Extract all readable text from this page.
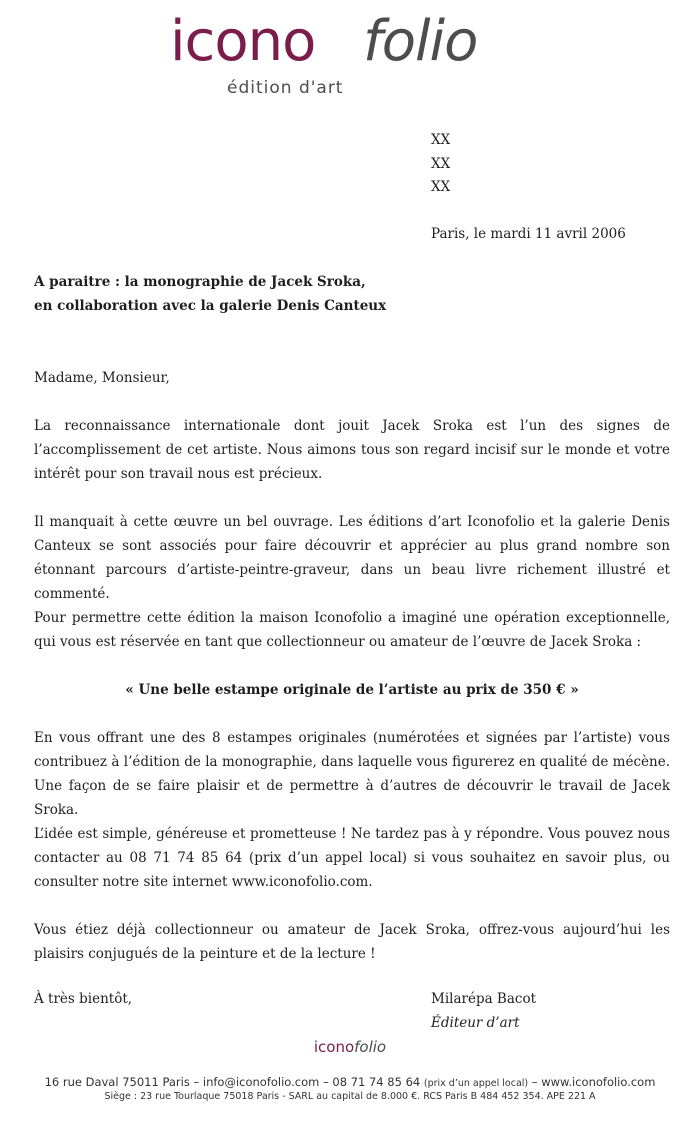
icono folio
édition d'art
XX
XX
XX
Paris, le mardi 11 avril 2006
A paraitre : la monographie de Jacek Sroka,
en collaboration avec la galerie Denis Canteux
Madame, Monsieur,
La reconnaissance internationale dont jouit Jacek Sroka est l’un des signes de l’accomplissement de cet artiste. Nous aimons tous son regard incisif sur le monde et votre intérêt pour son travail nous est précieux.
Il manquait à cette œuvre un bel ouvrage. Les éditions d’art Iconofolio et la galerie Denis Canteux se sont associés pour faire découvrir et apprécier au plus grand nombre son étonnant parcours d’artiste-peintre-graveur, dans un beau livre richement illustré et commenté.
Pour permettre cette édition la maison Iconofolio a imaginé une opération exceptionnelle, qui vous est réservée en tant que collectionneur ou amateur de l’œuvre de Jacek Sroka :
« Une belle estampe originale de l’artiste au prix de 350 € »
En vous offrant une des 8 estampes originales (numérotées et signées par l’artiste) vous contribuez à l’édition de la monographie, dans laquelle vous figurerez en qualité de mécène. Une façon de se faire plaisir et de permettre à d’autres de découvrir le travail de Jacek Sroka.
L’idée est simple, généreuse et prometteuse ! Ne tardez pas à y répondre. Vous pouvez nous contacter au 08 71 74 85 64 (prix d’un appel local) si vous souhaitez en savoir plus, ou consulter notre site internet www.iconofolio.com.
Vous étiez déjà collectionneur ou amateur de Jacek Sroka, offrez-vous aujourd’hui les plaisirs conjugués de la peinture et de la lecture !
À très bientôt,	Milarépa Bacot
Éditeur d’art
iconofolio
16 rue Daval 75011 Paris – info@iconofolio.com – 08 71 74 85 64 (prix d’un appel local) – www.iconofolio.com
Siège : 23 rue Tourlaque 75018 Paris - SARL au capital de 8.000 €. RCS Paris B 484 452 354. APE 221 A
